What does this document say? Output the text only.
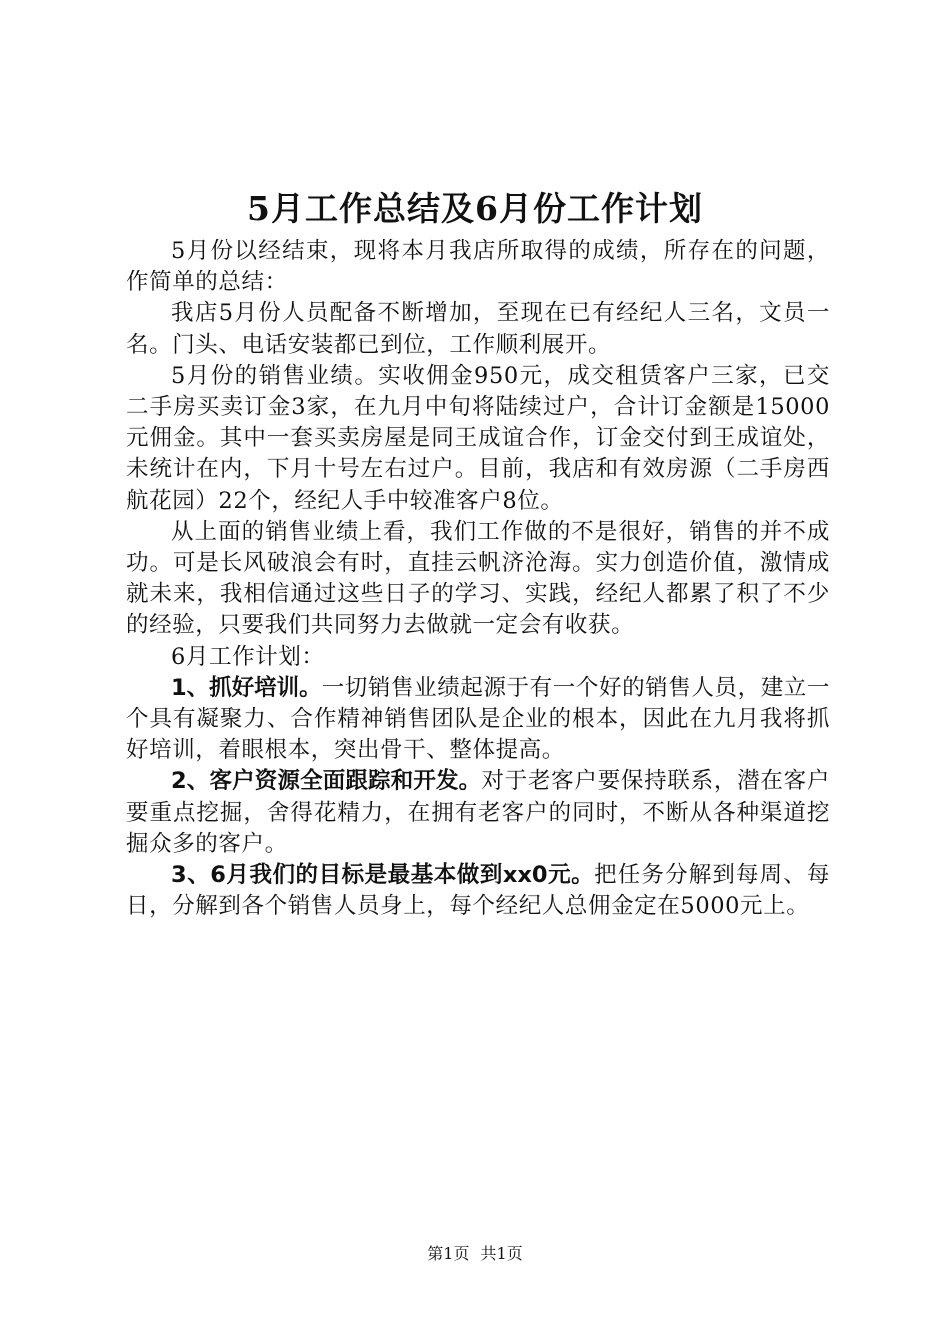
5月工作总结及6月份工作计划

5月份以经结束，现将本月我店所取得的成绩，所存在的问题，作简单的总结：

我店5月份人员配备不断增加，至现在已有经纪人三名，文员一名。门头、电话安装都已到位，工作顺利展开。

5月份的销售业绩。实收佣金950元，成交租赁客户三家，已交二手房买卖订金3家，在九月中旬将陆续过户，合计订金额是15000元佣金。其中一套买卖房屋是同王成谊合作，订金交付到王成谊处，未统计在内，下月十号左右过户。目前，我店和有效房源（二手房西航花园）22个，经纪人手中较准客户8位。

从上面的销售业绩上看，我们工作做的不是很好，销售的并不成功。可是长风破浪会有时，直挂云帆济沧海。实力创造价值，激情成就未来，我相信通过这些日子的学习、实践，经纪人都累了积了不少的经验，只要我们共同努力去做就一定会有收获。

6月工作计划：

1、抓好培训。一切销售业绩起源于有一个好的销售人员，建立一个具有凝聚力、合作精神销售团队是企业的根本，因此在九月我将抓好培训，着眼根本，突出骨干、整体提高。

2、客户资源全面跟踪和开发。对于老客户要保持联系，潜在客户要重点挖掘，舍得花精力，在拥有老客户的同时，不断从各种渠道挖掘众多的客户。

3、6月我们的目标是最基本做到xx0元。把任务分解到每周、每日，分解到各个销售人员身上，每个经纪人总佣金定在5000元上。

第1页 共1页
